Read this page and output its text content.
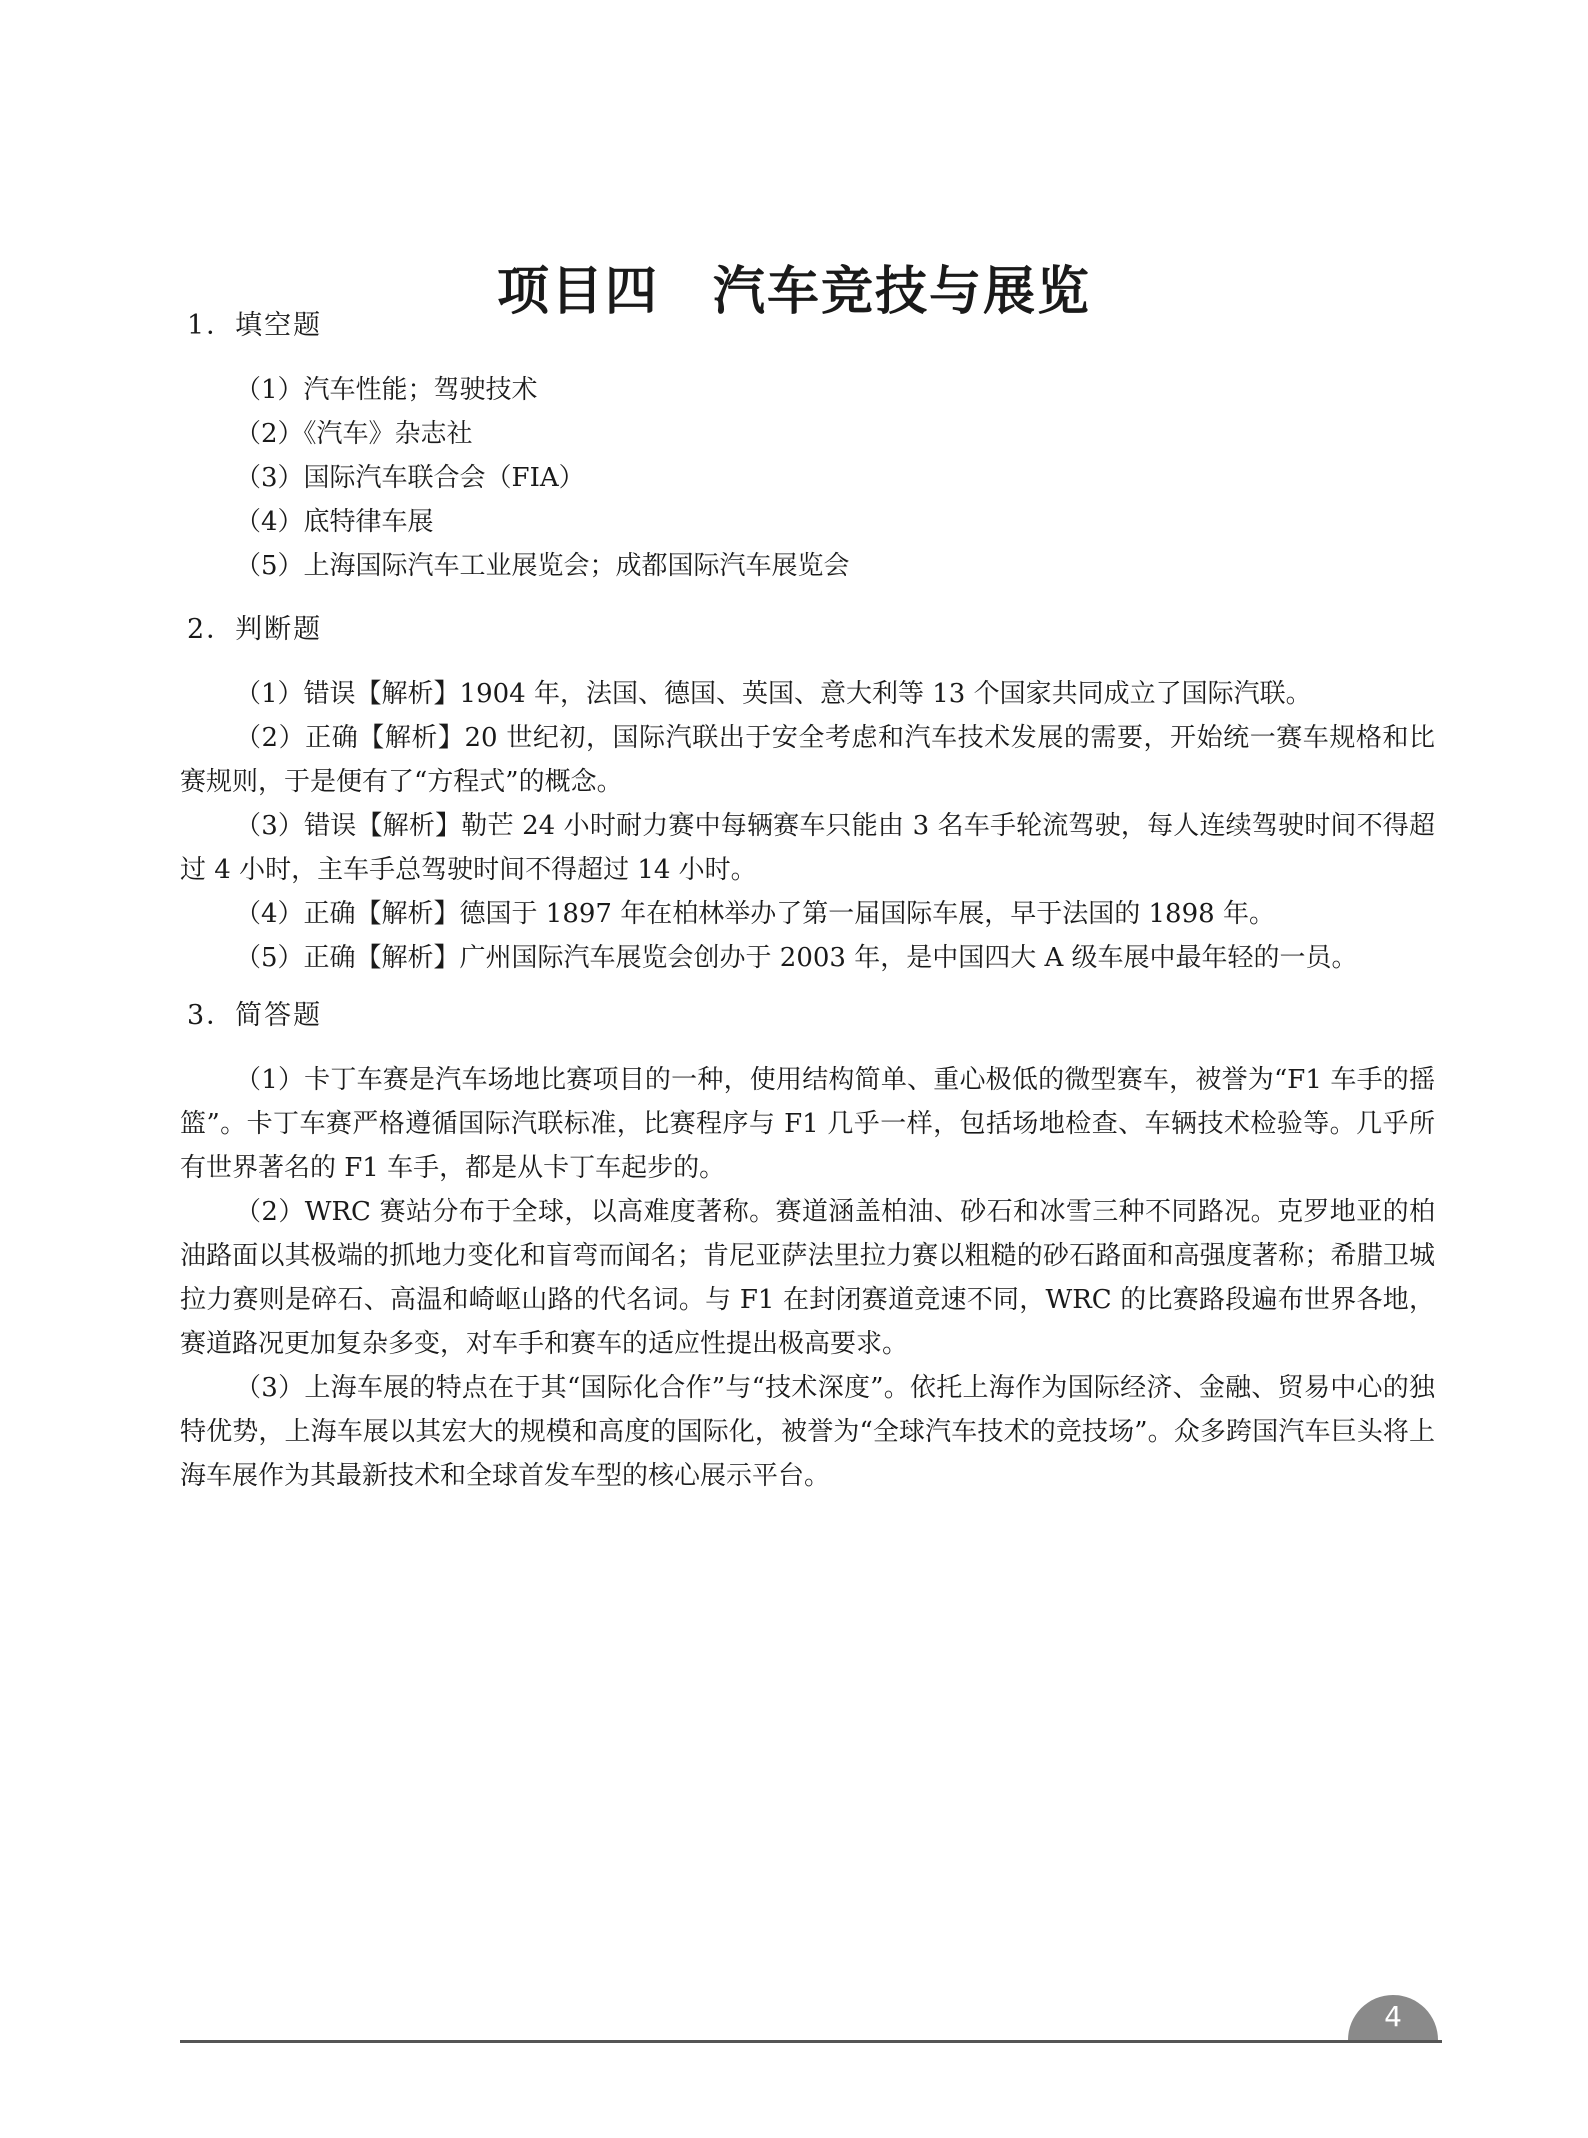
项目四　汽车竞技与展览
1．填空题

（1）汽车性能；驾驶技术

（2）《汽车》杂志社

（3）国际汽车联合会（FIA）

（4）底特律车展

（5）上海国际汽车工业展览会；成都国际汽车展览会

2．判断题

（1）错误【解析】1904 年，法国、德国、英国、意大利等 13 个国家共同成立了国际汽联。

（2）正确【解析】20 世纪初，国际汽联出于安全考虑和汽车技术发展的需要，开始统一赛车规格和比赛规则，于是便有了“方程式”的概念。

（3）错误【解析】勒芒 24 小时耐力赛中每辆赛车只能由 3 名车手轮流驾驶，每人连续驾驶时间不得超过 4 小时，主车手总驾驶时间不得超过 14 小时。

（4）正确【解析】德国于 1897 年在柏林举办了第一届国际车展，早于法国的 1898 年。

（5）正确【解析】广州国际汽车展览会创办于 2003 年，是中国四大 A 级车展中最年轻的一员。

3．简答题

（1）卡丁车赛是汽车场地比赛项目的一种，使用结构简单、重心极低的微型赛车，被誉为“F1 车手的摇篮”。卡丁车赛严格遵循国际汽联标准，比赛程序与 F1 几乎一样，包括场地检查、车辆技术检验等。几乎所有世界著名的 F1 车手，都是从卡丁车起步的。

（2）WRC 赛站分布于全球，以高难度著称。赛道涵盖柏油、砂石和冰雪三种不同路况。克罗地亚的柏油路面以其极端的抓地力变化和盲弯而闻名；肯尼亚萨法里拉力赛以粗糙的砂石路面和高强度著称；希腊卫城拉力赛则是碎石、高温和崎岖山路的代名词。与 F1 在封闭赛道竞速不同，WRC 的比赛路段遍布世界各地，赛道路况更加复杂多变，对车手和赛车的适应性提出极高要求。

（3）上海车展的特点在于其“国际化合作”与“技术深度”。依托上海作为国际经济、金融、贸易中心的独特优势，上海车展以其宏大的规模和高度的国际化，被誉为“全球汽车技术的竞技场”。众多跨国汽车巨头将上海车展作为其最新技术和全球首发车型的核心展示平台。

4
